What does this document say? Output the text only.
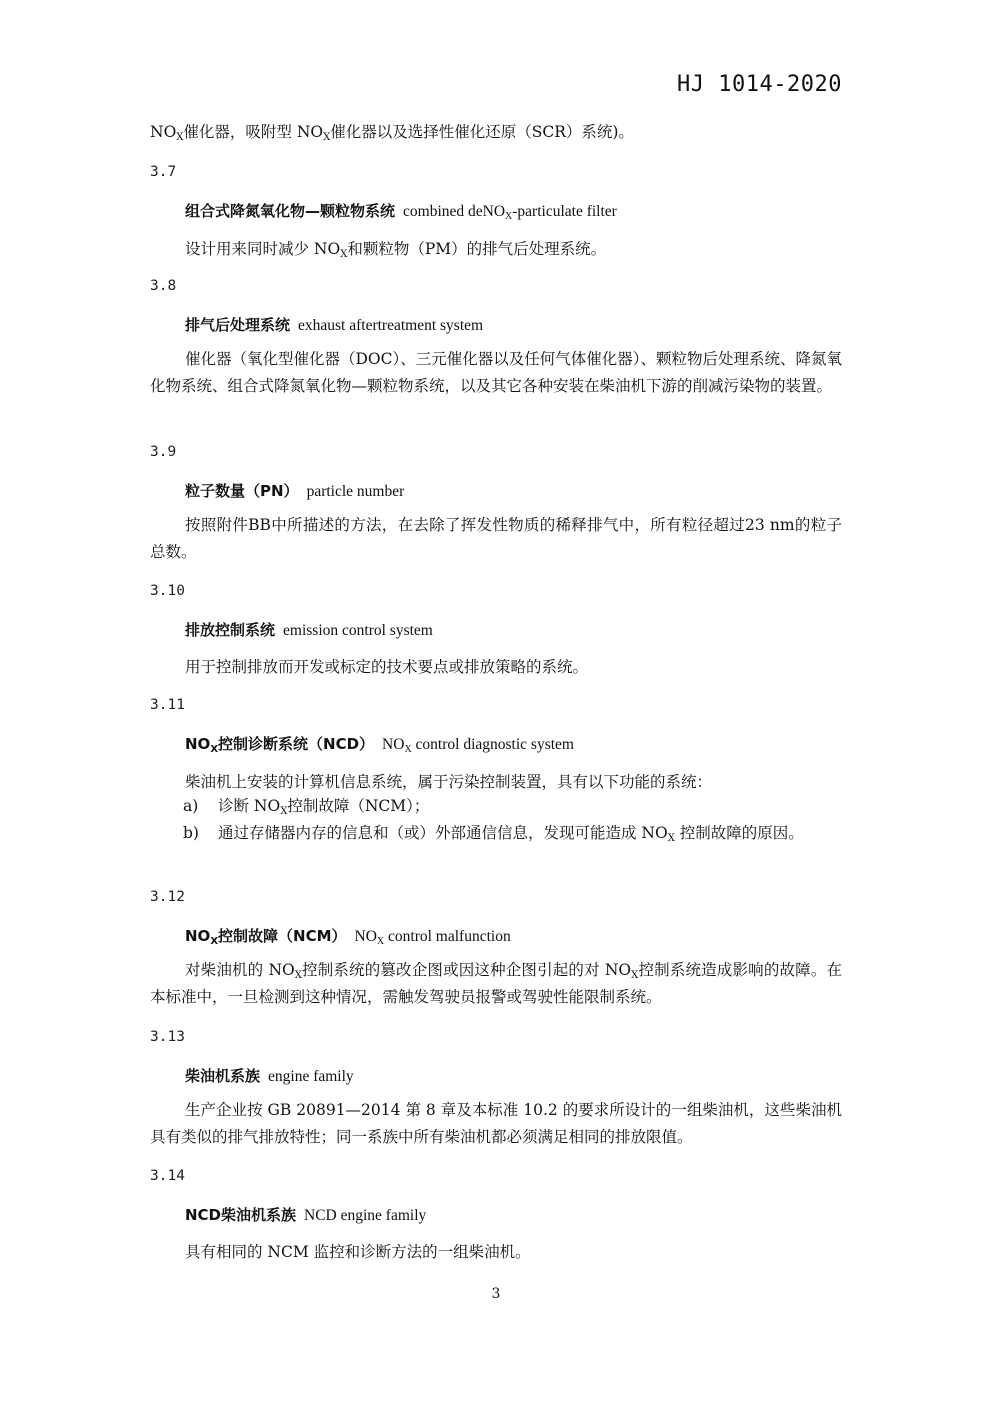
HJ 1014-2020
$NO_X$催化器，吸附型 $NO_X$催化器以及选择性催化还原（SCR）系统)。
3.7
组合式降氮氧化物—颗粒物系统 combined deNO$_X$-particulate filter
设计用来同时减少 $NO_X$和颗粒物（PM）的排气后处理系统。
3.8
排气后处理系统 exhaust aftertreatment system
催化器（氧化型催化器（DOC）、三元催化器以及任何气体催化器）、颗粒物后处理系统、降氮氧化物系统、组合式降氮氧化物—颗粒物系统，以及其它各种安装在柴油机下游的削减污染物的装置。
3.9
粒子数量（PN） particle number
按照附件BB中所描述的方法，在去除了挥发性物质的稀释排气中，所有粒径超过23 nm的粒子总数。
3.10
排放控制系统 emission control system
用于控制排放而开发或标定的技术要点或排放策略的系统。
3.11
$NO_X$控制诊断系统（NCD） $NO_X$ control diagnostic system
柴油机上安装的计算机信息系统，属于污染控制装置，具有以下功能的系统：
a) 诊断 $NO_X$控制故障（NCM）；
b) 通过存储器内存的信息和（或）外部通信信息，发现可能造成 $NO_X$ 控制故障的原因。
3.12
$NO_X$控制故障（NCM） $NO_X$ control malfunction
对柴油机的 $NO_X$控制系统的篡改企图或因这种企图引起的对 $NO_X$控制系统造成影响的故障。在本标准中，一旦检测到这种情况，需触发驾驶员报警或驾驶性能限制系统。
3.13
柴油机系族 engine family
生产企业按 GB 20891—2014 第 8 章及本标准 10.2 的要求所设计的一组柴油机，这些柴油机具有类似的排气排放特性；同一系族中所有柴油机都必须满足相同的排放限值。
3.14
NCD柴油机系族 NCD engine family
具有相同的 NCM 监控和诊断方法的一组柴油机。
3
